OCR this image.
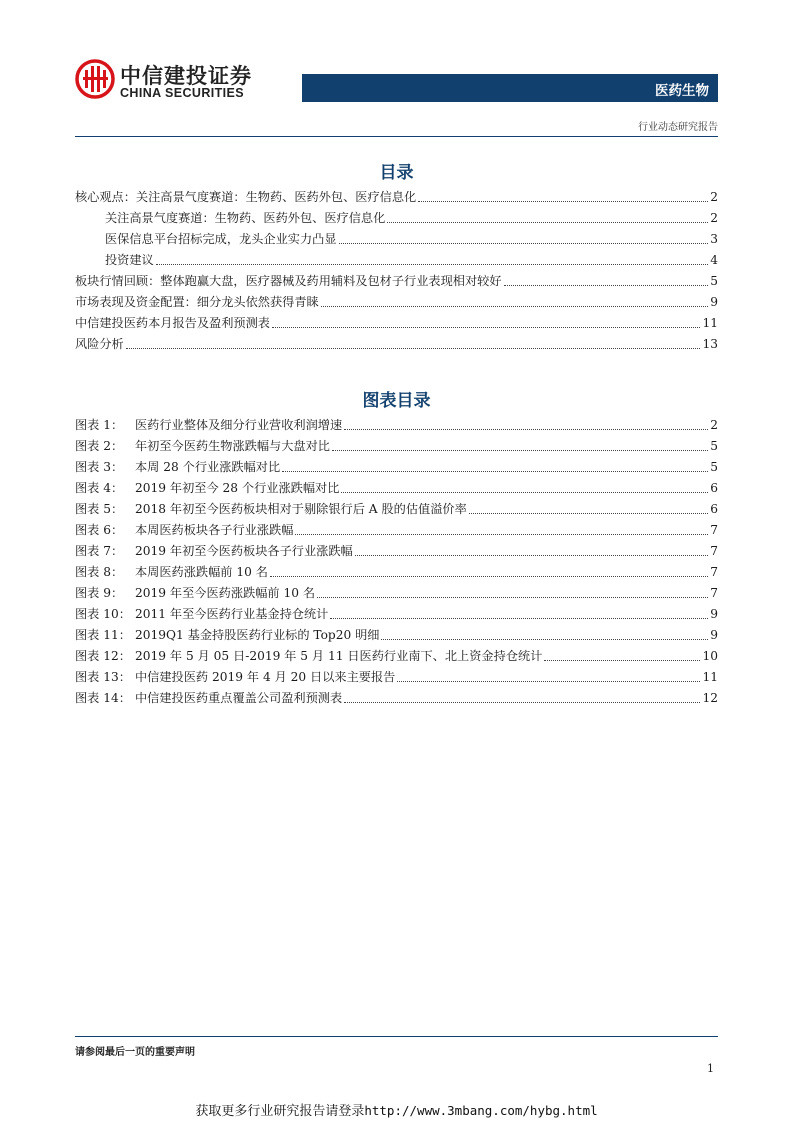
中信建投证券
CHINA SECURITIES	医药生物
行业动态研究报告
目录
核心观点：关注高景气度赛道：生物药、医药外包、医疗信息化	2
关注高景气度赛道：生物药、医药外包、医疗信息化	2
医保信息平台招标完成，龙头企业实力凸显	3
投资建议	4
板块行情回顾：整体跑赢大盘，医疗器械及药用辅料及包材子行业表现相对较好	5
市场表现及资金配置：细分龙头依然获得青睐	9
中信建投医药本月报告及盈利预测表	11
风险分析	13
图表目录
图表 1： 医药行业整体及细分行业营收利润增速	2
图表 2： 年初至今医药生物涨跌幅与大盘对比	5
图表 3： 本周 28 个行业涨跌幅对比	5
图表 4： 2019 年初至今 28 个行业涨跌幅对比	6
图表 5： 2018 年初至今医药板块相对于剔除银行后 A 股的估值溢价率	6
图表 6： 本周医药板块各子行业涨跌幅	7
图表 7： 2019 年初至今医药板块各子行业涨跌幅	7
图表 8： 本周医药涨跌幅前 10 名	7
图表 9： 2019 年至今医药涨跌幅前 10 名	7
图表 10： 2011 年至今医药行业基金持仓统计	9
图表 11： 2019Q1 基金持股医药行业标的 Top20 明细	9
图表 12： 2019 年 5 月 05 日-2019 年 5 月 11 日医药行业南下、北上资金持仓统计	10
图表 13： 中信建投医药 2019 年 4 月 20 日以来主要报告	11
图表 14： 中信建投医药重点覆盖公司盈利预测表	12
请参阅最后一页的重要声明
1
获取更多行业研究报告请登录http://www.3mbang.com/hybg.html
